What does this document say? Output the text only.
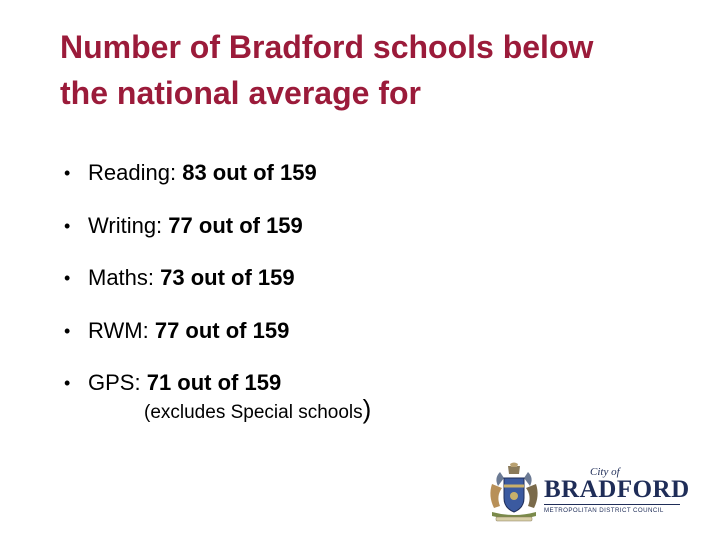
Number of Bradford schools below
the national average for
• Reading: 83 out of 159
• Writing: 77 out of 159
• Maths: 73 out of 159
• RWM: 77 out of 159
• GPS: 71 out of 159
(excludes Special schools)
City of
BRADFORD
METROPOLITAN DISTRICT COUNCIL
